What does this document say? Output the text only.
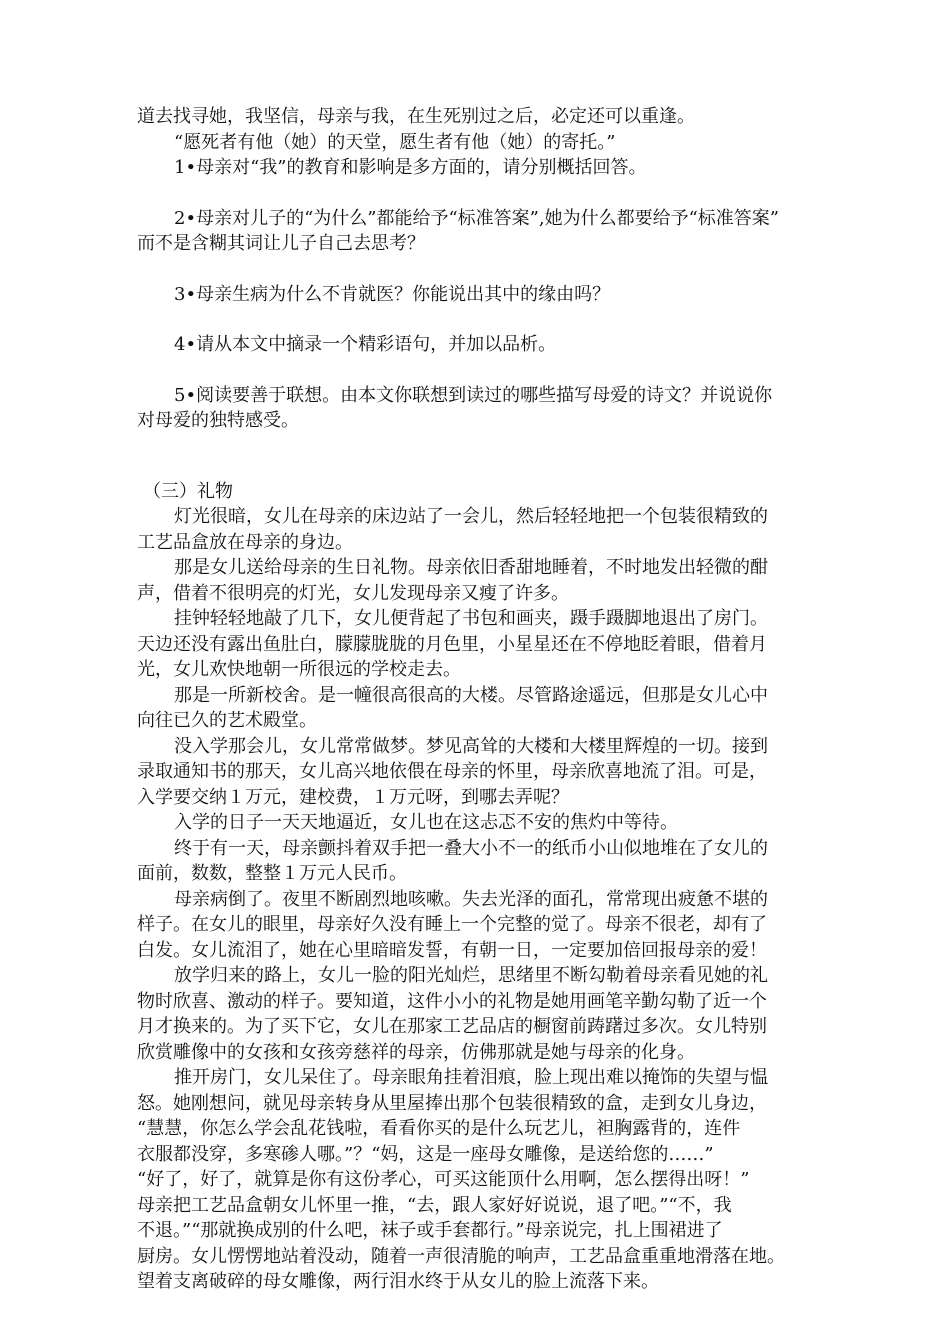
道去找寻她，我坚信，母亲与我，在生死别过之后，必定还可以重逢。
“愿死者有他（她）的天堂，愿生者有他（她）的寄托。”
1•母亲对“我”的教育和影响是多方面的，请分别概括回答。
2•母亲对儿子的“为什么”都能给予“标准答案”,她为什么都要给予“标准答案”
而不是含糊其词让儿子自己去思考？
3•母亲生病为什么不肯就医？你能说出其中的缘由吗？
4•请从本文中摘录一个精彩语句，并加以品析。
5•阅读要善于联想。由本文你联想到读过的哪些描写母爱的诗文？并说说你
对母爱的独特感受。
（三）礼物
灯光很暗，女儿在母亲的床边站了一会儿，然后轻轻地把一个包装很精致的
工艺品盒放在母亲的身边。
那是女儿送给母亲的生日礼物。母亲依旧香甜地睡着，不时地发出轻微的酣
声，借着不很明亮的灯光，女儿发现母亲又瘦了许多。
挂钟轻轻地敲了几下，女儿便背起了书包和画夹，蹑手蹑脚地退出了房门。
天边还没有露出鱼肚白，朦朦胧胧的月色里，小星星还在不停地眨着眼，借着月
光，女儿欢快地朝一所很远的学校走去。
那是一所新校舍。是一幢很高很高的大楼。尽管路途遥远，但那是女儿心中
向往已久的艺术殿堂。
没入学那会儿，女儿常常做梦。梦见高耸的大楼和大楼里辉煌的一切。接到
录取通知书的那天，女儿高兴地依偎在母亲的怀里，母亲欣喜地流了泪。可是，
入学要交纳１万元，建校费，１万元呀，到哪去弄呢？
入学的日子一天天地逼近，女儿也在这忐忑不安的焦灼中等待。
终于有一天，母亲颤抖着双手把一叠大小不一的纸币小山似地堆在了女儿的
面前，数数，整整１万元人民币。
母亲病倒了。夜里不断剧烈地咳嗽。失去光泽的面孔，常常现出疲惫不堪的
样子。在女儿的眼里，母亲好久没有睡上一个完整的觉了。母亲不很老，却有了
白发。女儿流泪了，她在心里暗暗发誓，有朝一日，一定要加倍回报母亲的爱！
放学归来的路上，女儿一脸的阳光灿烂，思绪里不断勾勒着母亲看见她的礼
物时欣喜、激动的样子。要知道，这件小小的礼物是她用画笔辛勤勾勒了近一个
月才换来的。为了买下它，女儿在那家工艺品店的橱窗前踌躇过多次。女儿特别
欣赏雕像中的女孩和女孩旁慈祥的母亲，仿佛那就是她与母亲的化身。
推开房门，女儿呆住了。母亲眼角挂着泪痕，脸上现出难以掩饰的失望与愠
怒。她刚想问，就见母亲转身从里屋捧出那个包装很精致的盒，走到女儿身边，
“慧慧，你怎么学会乱花钱啦，看看你买的是什么玩艺儿，袒胸露背的，连件
衣服都没穿，多寒碜人哪。”？“妈，这是一座母女雕像，是送给您的……”
“好了，好了，就算是你有这份孝心，可买这能顶什么用啊，怎么摆得出呀！”
母亲把工艺品盒朝女儿怀里一推，“去，跟人家好好说说，退了吧。”“不，我
不退。”“那就换成别的什么吧，袜子或手套都行。”母亲说完，扎上围裙进了
厨房。女儿愣愣地站着没动，随着一声很清脆的响声，工艺品盒重重地滑落在地。
望着支离破碎的母女雕像，两行泪水终于从女儿的脸上流落下来。
